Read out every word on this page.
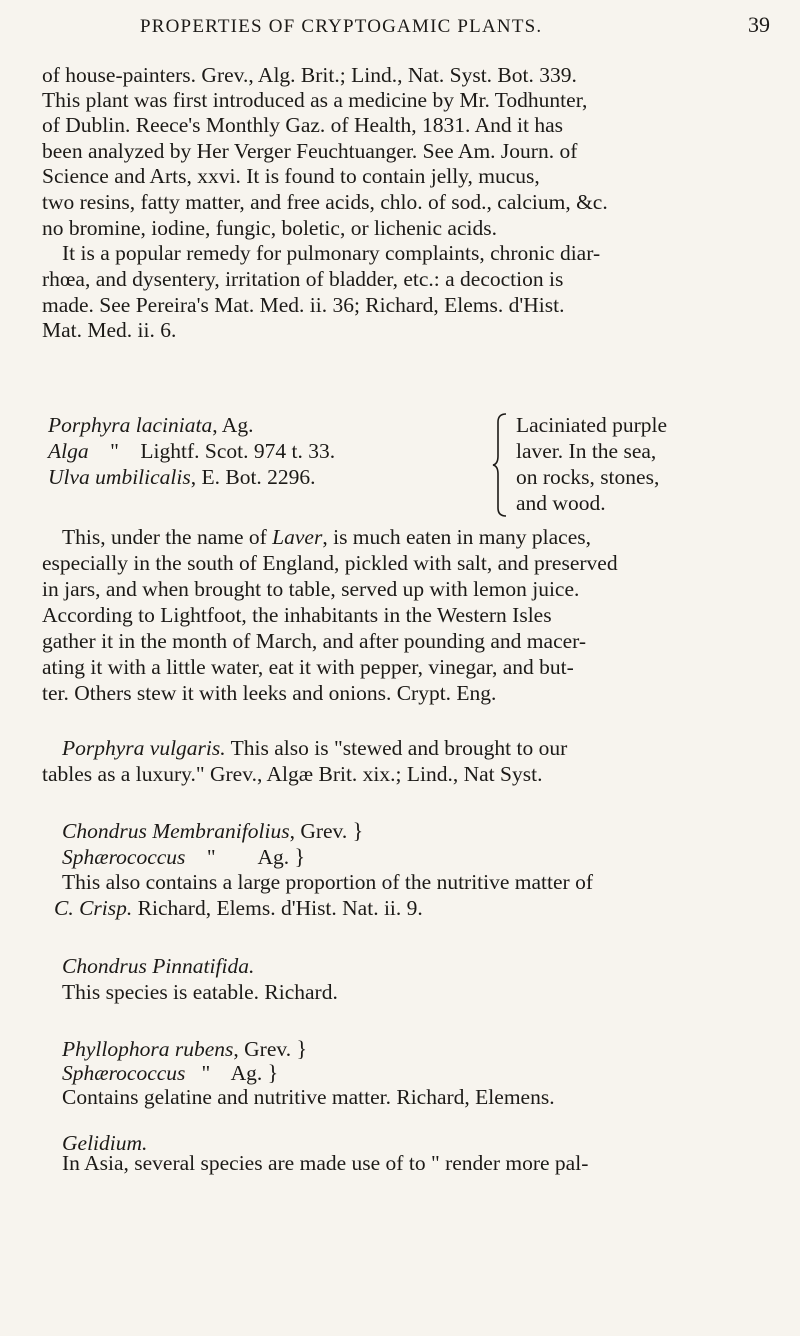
PROPERTIES OF CRYPTOGAMIC PLANTS.	39
of house-painters. Grev., Alg. Brit.; Lind., Nat. Syst. Bot. 339.
This plant was first introduced as a medicine by Mr. Todhunter,
of Dublin. Reece's Monthly Gaz. of Health, 1831. And it has
been analyzed by Her Verger Feuchtuanger. See Am. Journ. of
Science and Arts, xxvi. It is found to contain jelly, mucus,
two resins, fatty matter, and free acids, chlo. of sod., calcium, &c.
no bromine, iodine, fungic, boletic, or lichenic acids.
It is a popular remedy for pulmonary complaints, chronic diar-
rhœa, and dysentery, irritation of bladder, etc.: a decoction is
made. See Pereira's Mat. Med. ii. 36; Richard, Elems. d'Hist.
Mat. Med. ii. 6.
Porphyra laciniata, Ag.
Alga    "    Lightf. Scot. 974 t. 33.
Ulva umbilicalis, E. Bot. 2296.
Laciniated purple
laver. In the sea,
on rocks, stones,
and wood.
This, under the name of Laver, is much eaten in many places,
especially in the south of England, pickled with salt, and preserved
in jars, and when brought to table, served up with lemon juice.
According to Lightfoot, the inhabitants in the Western Isles
gather it in the month of March, and after pounding and macer-
ating it with a little water, eat it with pepper, vinegar, and but-
ter. Others stew it with leeks and onions. Crypt. Eng.
Porphyra vulgaris. This also is "stewed and brought to our
tables as a luxury." Grev., Algæ Brit. xix.; Lind., Nat Syst.
Chondrus Membranifolius, Grev. }
Sphærococcus    "        Ag. }
This also contains a large proportion of the nutritive matter of
C. Crisp. Richard, Elems. d'Hist. Nat. ii. 9.
Chondrus Pinnatifida.
This species is eatable. Richard.
Phyllophora rubens, Grev. }
Sphærococcus   "    Ag. }
Contains gelatine and nutritive matter. Richard, Elemens.
Gelidium.
In Asia, several species are made use of to " render more pal-
